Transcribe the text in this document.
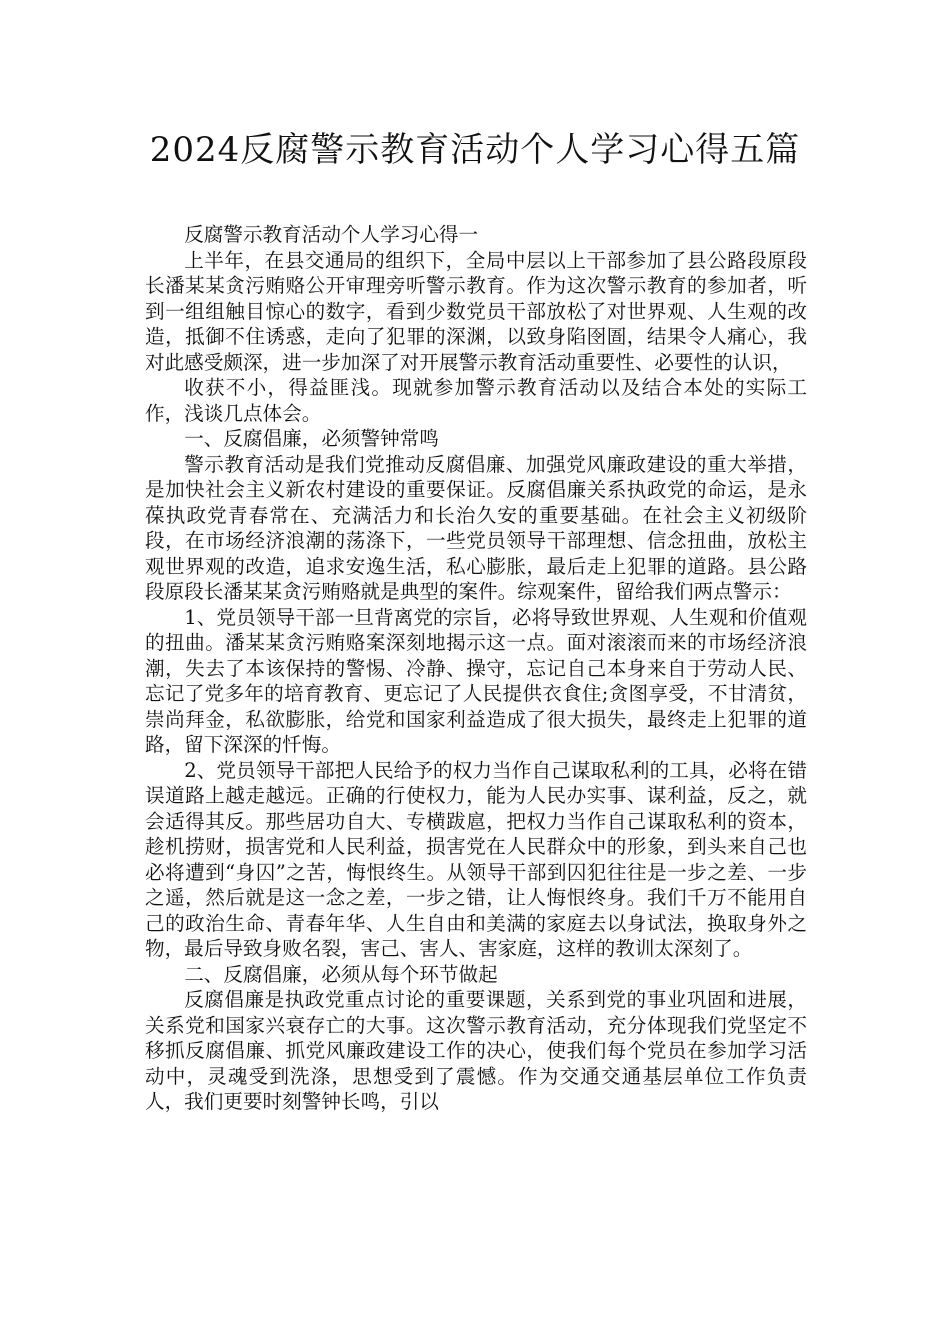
2024反腐警示教育活动个人学习心得五篇

反腐警示教育活动个人学习心得一

上半年，在县交通局的组织下，全局中层以上干部参加了县公路段原段长潘某某贪污贿赂公开审理旁听警示教育。作为这次警示教育的参加者，听到一组组触目惊心的数字，看到少数党员干部放松了对世界观、人生观的改造，抵御不住诱惑，走向了犯罪的深渊，以致身陷囹圄，结果令人痛心，我对此感受颇深，进一步加深了对开展警示教育活动重要性、必要性的认识，

收获不小，得益匪浅。现就参加警示教育活动以及结合本处的实际工作，浅谈几点体会。

一、反腐倡廉，必须警钟常鸣

警示教育活动是我们党推动反腐倡廉、加强党风廉政建设的重大举措，是加快社会主义新农村建设的重要保证。反腐倡廉关系执政党的命运，是永葆执政党青春常在、充满活力和长治久安的重要基础。在社会主义初级阶段，在市场经济浪潮的荡涤下，一些党员领导干部理想、信念扭曲，放松主观世界观的改造，追求安逸生活，私心膨胀，最后走上犯罪的道路。县公路段原段长潘某某贪污贿赂就是典型的案件。综观案件，留给我们两点警示：

1、党员领导干部一旦背离党的宗旨，必将导致世界观、人生观和价值观的扭曲。潘某某贪污贿赂案深刻地揭示这一点。面对滚滚而来的市场经济浪潮，失去了本该保持的警惕、冷静、操守，忘记自己本身来自于劳动人民、忘记了党多年的培育教育、更忘记了人民提供衣食住;贪图享受，不甘清贫，崇尚拜金，私欲膨胀，给党和国家利益造成了很大损失，最终走上犯罪的道路，留下深深的忏悔。

2、党员领导干部把人民给予的权力当作自己谋取私利的工具，必将在错误道路上越走越远。正确的行使权力，能为人民办实事、谋利益，反之，就会适得其反。那些居功自大、专横跋扈，把权力当作自己谋取私利的资本，趁机捞财，损害党和人民利益，损害党在人民群众中的形象，到头来自己也必将遭到“身囚”之苦，悔恨终生。从领导干部到囚犯往往是一步之差、一步之遥，然后就是这一念之差，一步之错，让人悔恨终身。我们千万不能用自己的政治生命、青春年华、人生自由和美满的家庭去以身试法，换取身外之物，最后导致身败名裂，害己、害人、害家庭，这样的教训太深刻了。

二、反腐倡廉，必须从每个环节做起

反腐倡廉是执政党重点讨论的重要课题，关系到党的事业巩固和进展，关系党和国家兴衰存亡的大事。这次警示教育活动，充分体现我们党坚定不移抓反腐倡廉、抓党风廉政建设工作的决心，使我们每个党员在参加学习活动中，灵魂受到洗涤，思想受到了震憾。作为交通交通基层单位工作负责人，我们更要时刻警钟长鸣，引以
